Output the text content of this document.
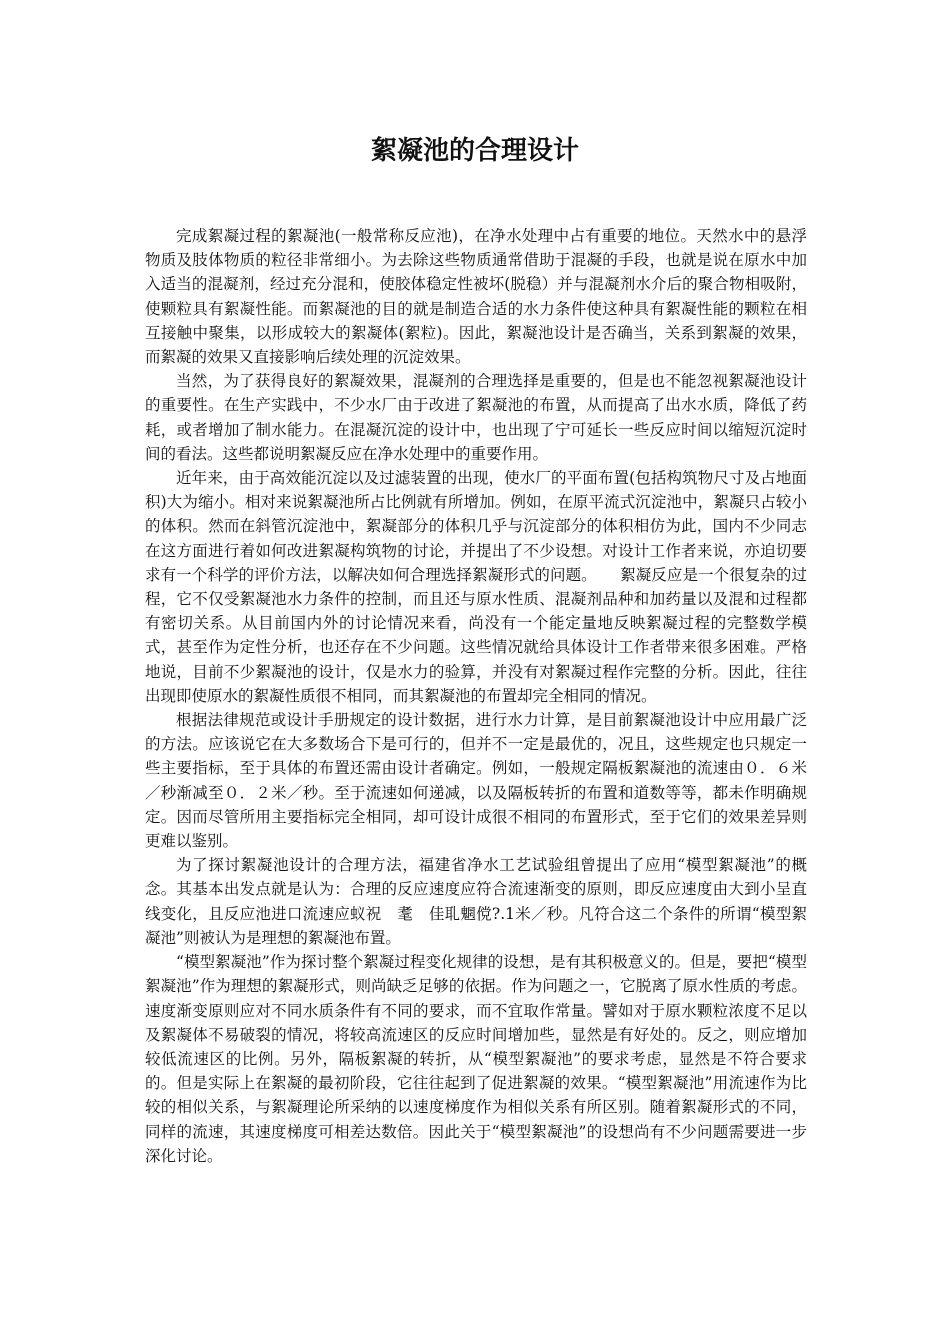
絮凝池的合理设计

完成絮凝过程的絮凝池(一般常称反应池)，在净水处理中占有重要的地位。天然水中的悬浮物质及肢体物质的粒径非常细小。为去除这些物质通常借助于混凝的手段，也就是说在原水中加入适当的混凝剂，经过充分混和，使胶体稳定性被坏(脱稳）并与混凝剂水介后的聚合物相吸附，使颗粒具有絮凝性能。而絮凝池的目的就是制造合适的水力条件使这种具有絮凝性能的颗粒在相互接触中聚集，以形成较大的絮凝体(絮粒)。因此，絮凝池设计是否确当，关系到絮凝的效果，而絮凝的效果又直接影响后续处理的沉淀效果。

当然，为了获得良好的絮凝效果，混凝剂的合理选择是重要的，但是也不能忽视絮凝池设计的重要性。在生产实践中，不少水厂由于改进了絮凝池的布置，从而提高了出水水质，降低了药耗，或者增加了制水能力。在混凝沉淀的设计中，也出现了宁可延长一些反应时间以缩短沉淀时间的看法。这些都说明絮凝反应在净水处理中的重要作用。

近年来，由于高效能沉淀以及过滤装置的出现，使水厂的平面布置(包括构筑物尺寸及占地面积)大为缩小。相对来说絮凝池所占比例就有所增加。例如，在原平流式沉淀池中，絮凝只占较小的体积。然而在斜管沉淀池中，絮凝部分的体积几乎与沉淀部分的体积相仿为此，国内不少同志在这方面进行着如何改进絮凝构筑物的讨论，并提出了不少设想。对设计工作者来说，亦迫切要求有一个科学的评价方法，以解决如何合理选择絮凝形式的问题。　　絮凝反应是一个很复杂的过程，它不仅受絮凝池水力条件的控制，而且还与原水性质、混凝剂品种和加药量以及混和过程都有密切关系。从目前国内外的讨论情况来看，尚没有一个能定量地反映絮凝过程的完整数学模式，甚至作为定性分析，也还存在不少问题。这些情况就给具体设计工作者带来很多困难。严格地说，目前不少絮凝池的设计，仅是水力的验算，并没有对絮凝过程作完整的分析。因此，往往出现即使原水的絮凝性质很不相同，而其絮凝池的布置却完全相同的情况。

根据法律规范或设计手册规定的设计数据，进行水力计算，是目前絮凝池设计中应用最广泛的方法。应该说它在大多数场合下是可行的，但并不一定是最优的，况且，这些规定也只规定一些主要指标，至于具体的布置还需由设计者确定。例如，一般规定隔板絮凝池的流速由０．６米／秒渐减至０．２米／秒。至于流速如何递减，以及隔板转折的布置和道数等等，都未作明确规定。因而尽管所用主要指标完全相同，却可设计成很不相同的布置形式，至于它们的效果差异则更难以鉴别。

为了探讨絮凝池设计的合理方法，福建省净水工艺试验组曾提出了应用“模型絮凝池”的概念。其基本出发点就是认为：合理的反应速度应符合流速渐变的原则，即反应速度由大到小呈直线变化，且反应池进口流速应蚁祝　耄　佳耴魍傥?.1米／秒。凡符合这二个条件的所谓“模型絮凝池”则被认为是理想的絮凝池布置。

“模型絮凝池”作为探讨整个絮凝过程变化规律的设想，是有其积极意义的。但是，要把“模型絮凝池”作为理想的絮凝形式，则尚缺乏足够的依据。作为问题之一，它脱离了原水性质的考虑。速度渐变原则应对不同水质条件有不同的要求，而不宜取作常量。譬如对于原水颗粒浓度不足以及絮凝体不易破裂的情况，将较高流速区的反应时间增加些，显然是有好处的。反之，则应增加较低流速区的比例。另外，隔板絮凝的转折，从“模型絮凝池”的要求考虑，显然是不符合要求的。但是实际上在絮凝的最初阶段，它往往起到了促进絮凝的效果。“模型絮凝池”用流速作为比较的相似关系，与絮凝理论所采纳的以速度梯度作为相似关系有所区别。随着絮凝形式的不同，同样的流速，其速度梯度可相差达数倍。因此关于“模型絮凝池”的设想尚有不少问题需要进一步深化讨论。
